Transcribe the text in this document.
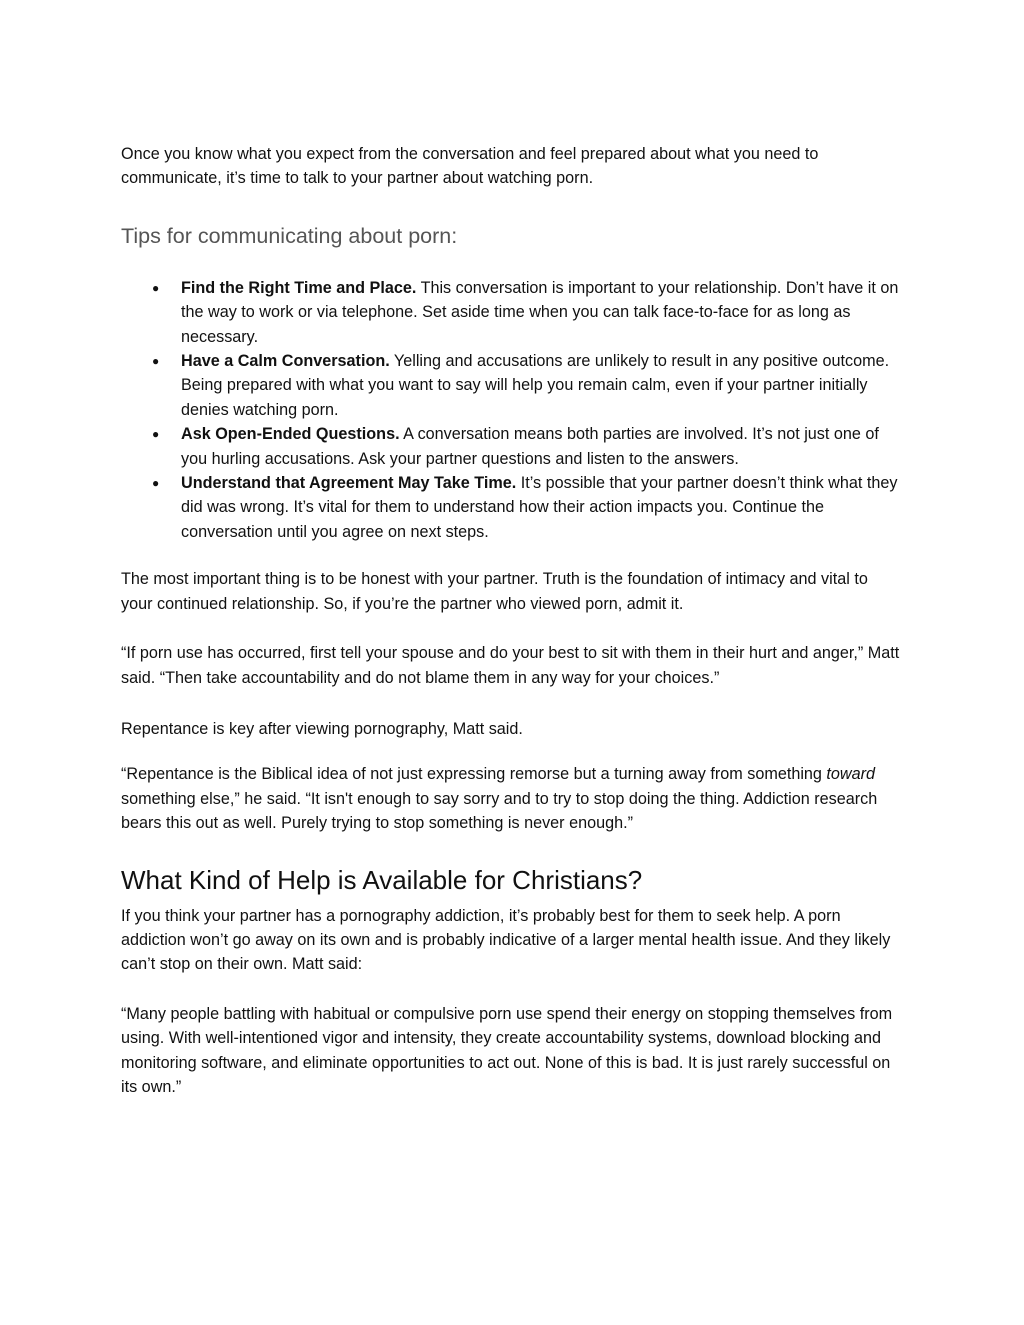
Once you know what you expect from the conversation and feel prepared about what you need to communicate, it’s time to talk to your partner about watching porn.

Tips for communicating about porn:
● Find the Right Time and Place. This conversation is important to your relationship. Don’t have it on the way to work or via telephone. Set aside time when you can talk face-to-face for as long as necessary.
● Have a Calm Conversation. Yelling and accusations are unlikely to result in any positive outcome. Being prepared with what you want to say will help you remain calm, even if your partner initially denies watching porn.
● Ask Open-Ended Questions. A conversation means both parties are involved. It’s not just one of you hurling accusations. Ask your partner questions and listen to the answers.
● Understand that Agreement May Take Time. It’s possible that your partner doesn’t think what they did was wrong. It’s vital for them to understand how their action impacts you. Continue the conversation until you agree on next steps.

The most important thing is to be honest with your partner. Truth is the foundation of intimacy and vital to your continued relationship. So, if you’re the partner who viewed porn, admit it.

“If porn use has occurred, first tell your spouse and do your best to sit with them in their hurt and anger,” Matt said. “Then take accountability and do not blame them in any way for your choices.”

Repentance is key after viewing pornography, Matt said.

“Repentance is the Biblical idea of not just expressing remorse but a turning away from something toward something else,” he said. “It isn't enough to say sorry and to try to stop doing the thing. Addiction research bears this out as well. Purely trying to stop something is never enough.”

What Kind of Help is Available for Christians?

If you think your partner has a pornography addiction, it’s probably best for them to seek help. A porn addiction won’t go away on its own and is probably indicative of a larger mental health issue. And they likely can’t stop on their own. Matt said:

“Many people battling with habitual or compulsive porn use spend their energy on stopping themselves from using. With well-intentioned vigor and intensity, they create accountability systems, download blocking and monitoring software, and eliminate opportunities to act out. None of this is bad. It is just rarely successful on its own.”
